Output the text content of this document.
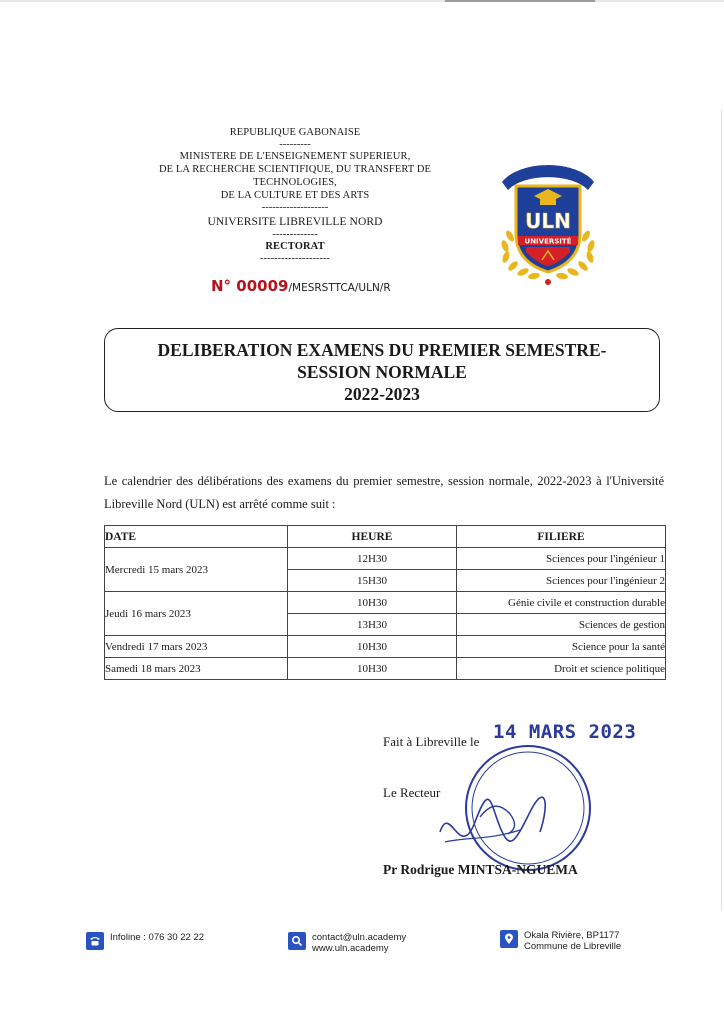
REPUBLIQUE GABONAISE
---------
MINISTERE DE L'ENSEIGNEMENT SUPERIEUR,
DE LA RECHERCHE SCIENTIFIQUE, DU TRANSFERT DE TECHNOLOGIES,
DE LA CULTURE ET DES ARTS
-------------------
UNIVERSITE LIBREVILLE NORD
-------------
RECTORAT
--------------------
N° 00009/MESRSTTCA/ULN/R
LIBREVILLE NORD
ULN
UNIVERSITÉ
DELIBERATION EXAMENS DU PREMIER SEMESTRE-
SESSION NORMALE
2022-2023
Le calendrier des délibérations des examens du premier semestre, session normale, 2022-2023 à l'Université Libreville Nord (ULN) est arrêté comme suit :
DATE	HEURE	FILIERE
Mercredi 15 mars 2023	12H30	Sciences pour l'ingénieur 1
	15H30	Sciences pour l'ingénieur 2
Jeudi 16 mars 2023	10H30	Génie civile et construction durable
	13H30	Sciences de gestion
Vendredi 17 mars 2023	10H30	Science pour la santé
Samedi 18 mars 2023	10H30	Droit et science politique
Fait à Libreville le 14 MARS 2023
Le Recteur
Pr Rodrigue MINTSA-NGUEMA
Infoline : 076 30 22 22	contact@uln.academy
www.uln.academy
Okala Rivière, BP1177
Commune de Libreville
